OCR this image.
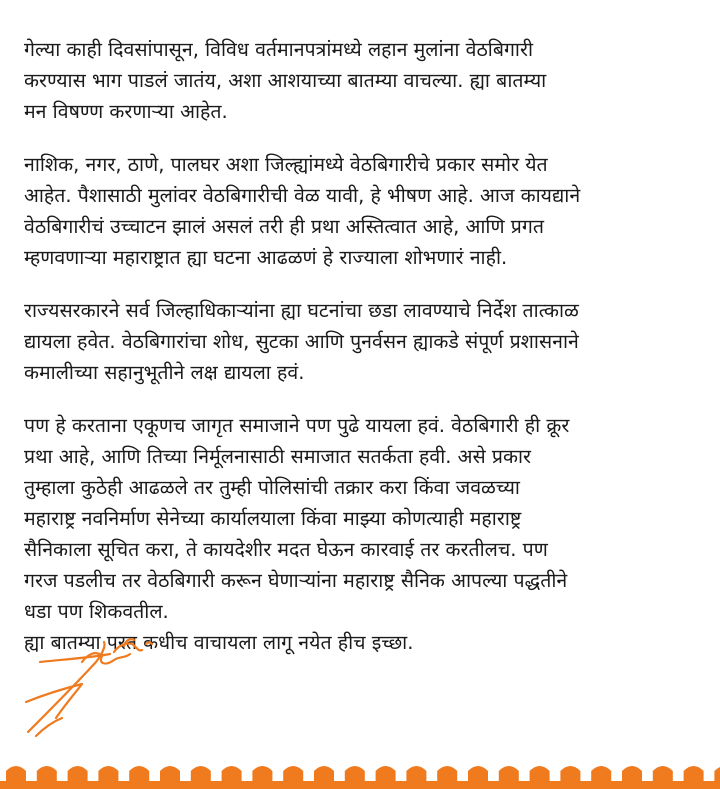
गेल्या काही दिवसांपासून, विविध वर्तमानपत्रांमध्ये लहान मुलांना वेठबिगारी
करण्यास भाग पाडलं जातंय, अशा आशयाच्या बातम्या वाचल्या. ह्या बातम्या
मन विषण्ण करणाऱ्या आहेत.

नाशिक, नगर, ठाणे, पालघर अशा जिल्ह्यांमध्ये वेठबिगारीचे प्रकार समोर येत
आहेत. पैशासाठी मुलांवर वेठबिगारीची वेळ यावी, हे भीषण आहे. आज कायद्याने
वेठबिगारीचं उच्चाटन झालं असलं तरी ही प्रथा अस्तित्वात आहे, आणि प्रगत
म्हणवणाऱ्या महाराष्ट्रात ह्या घटना आढळणं हे राज्याला शोभणारं नाही.

राज्यसरकारने सर्व जिल्हाधिकाऱ्यांना ह्या घटनांचा छडा लावण्याचे निर्देश तात्काळ
द्यायला हवेत. वेठबिगारांचा शोध, सुटका आणि पुनर्वसन ह्याकडे संपूर्ण प्रशासनाने
कमालीच्या सहानुभूतीने लक्ष द्यायला हवं.

पण हे करताना एकूणच जागृत समाजाने पण पुढे यायला हवं. वेठबिगारी ही क्रूर
प्रथा आहे, आणि तिच्या निर्मूलनासाठी समाजात सतर्कता हवी. असे प्रकार
तुम्हाला कुठेही आढळले तर तुम्ही पोलिसांची तक्रार करा किंवा जवळच्या
महाराष्ट्र नवनिर्माण सेनेच्या कार्यालयाला किंवा माझ्या कोणत्याही महाराष्ट्र
सैनिकाला सूचित करा, ते कायदेशीर मदत घेऊन कारवाई तर करतीलच. पण
गरज पडलीच तर वेठबिगारी करून घेणाऱ्यांना महाराष्ट्र सैनिक आपल्या पद्धतीने
धडा पण शिकवतील.
ह्या बातम्या परत कधीच वाचायला लागू नयेत हीच इच्छा.
